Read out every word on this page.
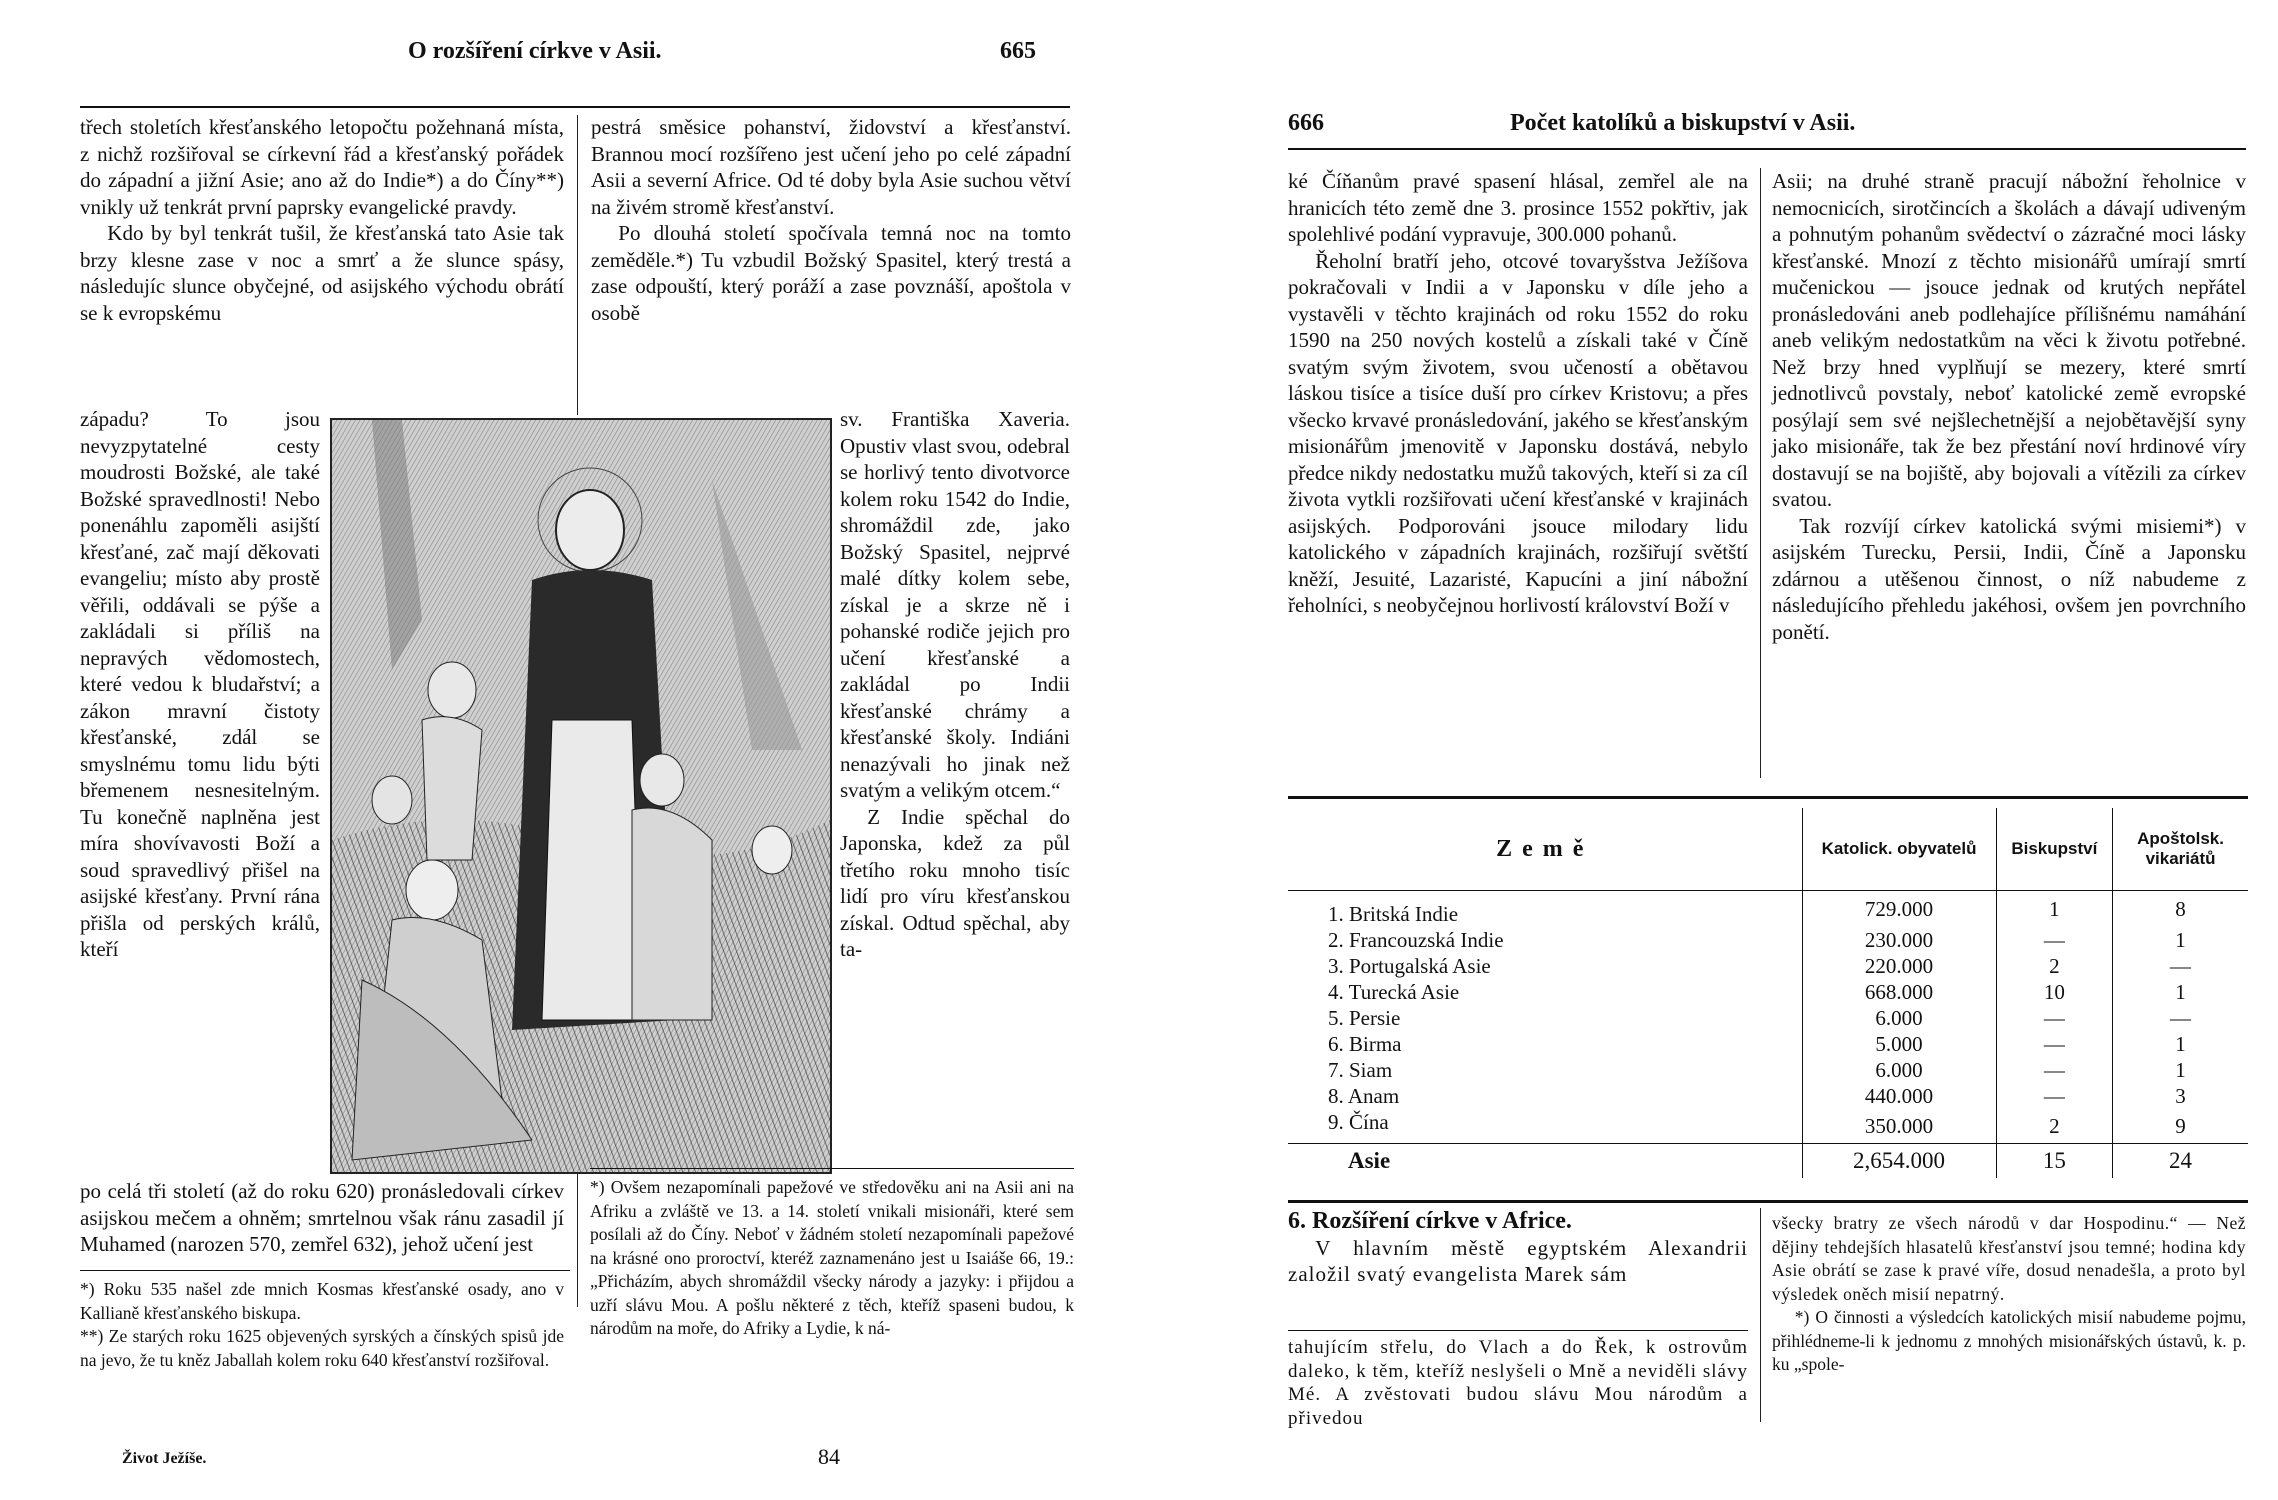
O rozšíření církve v Asii.	665

třech stoletích křesťanského letopočtu požehnaná místa, z nichž rozšiřoval se církevní řád a křesťanský pořádek do západní a jižní Asie; ano až do Indie*) a do Číny**) vnikly už tenkrát první paprsky evangelické pravdy.

Kdo by byl tenkrát tušil, že křesťanská tato Asie tak brzy klesne zase v noc a smrť a že slunce spásy, následujíc slunce obyčejné, od asijského východu obrátí se k evropskému

západu? To jsou nevyzpytatelné cesty moudrosti Božské, ale také Božské spravedlnosti! Nebo ponenáhlu zapoměli asijští křesťané, zač mají děkovati evangeliu; místo aby prostě věřili, oddávali se pýše a zakládali si příliš na nepravých vědomostech, které vedou k bludařství; a zákon mravní čistoty křesťanské, zdál se smyslnému tomu lidu býti břemenem nesnesitelným. Tu konečně naplněna jest míra shovívavosti Boží a soud spravedlivý přišel na asijské křesťany. První rána přišla od perských králů, kteří
po celá tři století (až do roku 620) pronásledovali církev asijskou mečem a ohněm; smrtelnou však ránu zasadil jí Muhamed (narozen 570, zemřel 632), jehož učení jest

pestrá směsice pohanství, židovství a křesťanství. Brannou mocí rozšířeno jest učení jeho po celé západní Asii a severní Africe. Od té doby byla Asie suchou větví na živém stromě křesťanství.

Po dlouhá století spočívala temná noc na tomto zeměděle.*) Tu vzbudil Božský Spasitel, který trestá a zase odpouští, který poráží a zase povznáší, apoštola v osobě

sv. Františka Xaveria. Opustiv vlast svou, odebral se horlivý tento divotvorce kolem roku 1542 do Indie, shromáždil zde, jako Božský Spasitel, nejprvé malé dítky kolem sebe, získal je a skrze ně i pohanské rodiče jejich pro učení křesťanské a zakládal po Indii křesťanské chrámy a křesťanské školy. Indiáni nenazývali ho jinak než svatým a velikým otcem.“

Z Indie spěchal do Japonska, kdež za půl třetího roku mnoho tisíc lidí pro víru křesťanskou získal. Odtud spěchal, aby ta-

*) Roku 535 našel zde mnich Kosmas křesťanské osady, ano v Kallianě křesťanského biskupa.

**) Ze starých roku 1625 objevených syrských a čínských spisů jde na jevo, že tu kněz Jaballah kolem roku 640 křesťanství rozšiřoval.

*) Ovšem nezapomínali papežové ve středověku ani na Asii ani na Afriku a zvláště ve 13. a 14. století vnikali misionáři, které sem posílali až do Číny. Neboť v žádném století nezapomínali papežové na krásné ono proroctví, kteréž zaznamenáno jest u Isaiáše 66, 19.: „Přicházím, abych shromáždil všecky národy a jazyky: i přijdou a uzří slávu Mou. A pošlu některé z těch, kteříž spaseni budou, k národům na moře, do Afriky a Lydie, k ná-
Život Ježíše.	84
666	Počet katolíků a biskupství v Asii.

ké Číňanům pravé spasení hlásal, zemřel ale na hranicích této země dne 3. prosince 1552 pokřtiv, jak spolehlivé podání vypravuje, 300.000 pohanů.

Řeholní bratří jeho, otcové tovaryšstva Ježíšova pokračovali v Indii a v Japonsku v díle jeho a vystavěli v těchto krajinách od roku 1552 do roku 1590 na 250 nových kostelů a získali také v Číně svatým svým životem, svou učeností a obětavou láskou tisíce a tisíce duší pro církev Kristovu; a přes všecko krvavé pronásledování, jakého se křesťanským misionářům jmenovitě v Japonsku dostává, nebylo předce nikdy nedostatku mužů takových, kteří si za cíl života vytkli rozšiřovati učení křesťanské v krajinách asijských. Podporováni jsouce milodary lidu katolického v západních krajinách, rozšiřují světští kněží, Jesuité, Lazaristé, Kapucíni a jiní nábožní řeholníci, s neobyčejnou horlivostí království Boží v

Asii; na druhé straně pracují nábožní řeholnice v nemocnicích, sirotčincích a školách a dávají udiveným a pohnutým pohanům svědectví o zázračné moci lásky křesťanské. Mnozí z těchto misionářů umírají smrtí mučenickou — jsouce jednak od krutých nepřátel pronásledováni aneb podlehajíce přílišnému namáhání aneb velikým nedostatkům na věci k životu potřebné. Než brzy hned vyplňují se mezery, které smrtí jednotlivců povstaly, neboť katolické země evropské posýlají sem své nejšlechetnější a nejobětavější syny jako misionáře, tak že bez přestání noví hrdinové víry dostavují se na bojiště, aby bojovali a vítězili za církev svatou.

Tak rozvíjí církev katolická svými misiemi*) v asijském Turecku, Persii, Indii, Číně a Japonsku zdárnou a utěšenou činnost, o níž nabudeme z následujícího přehledu jakéhosi, ovšem jen povrchního ponětí.

Země	Katolick. obyvatelů	Biskupství	Apoštolsk. vikariátů
1. Britská Indie	729.000	1	8
2. Francouzská Indie	230.000	—	1
3. Portugalská Asie	220.000	2	—
4. Turecká Asie	668.000	10	1
5. Persie	6.000	—	—
6. Birma	5.000	—	1
7. Siam	6.000	—	1
8. Anam	440.000	—	3
9. Čína	350.000	2	9
Asie	2,654.000	15	24

6. Rozšíření církve v Africe.

V hlavním městě egyptském Alexandrii založil svatý evangelista Marek sám

tahujícím střelu, do Vlach a do Řek, k ostrovům daleko, k těm, kteříž neslyšeli o Mně a neviděli slávy Mé. A zvěstovati budou slávu Mou národům a přivedou

všecky bratry ze všech národů v dar Hospodinu.“ — Než dějiny tehdejších hlasatelů křesťanství jsou temné; hodina kdy Asie obrátí se zase k pravé víře, dosud nenadešla, a proto byl výsledek oněch misií nepatrný.

*) O činnosti a výsledcích katolických misií nabudeme pojmu, přihlédneme-li k jednomu z mnohých misionářských ústavů, k. p. ku „spole-
